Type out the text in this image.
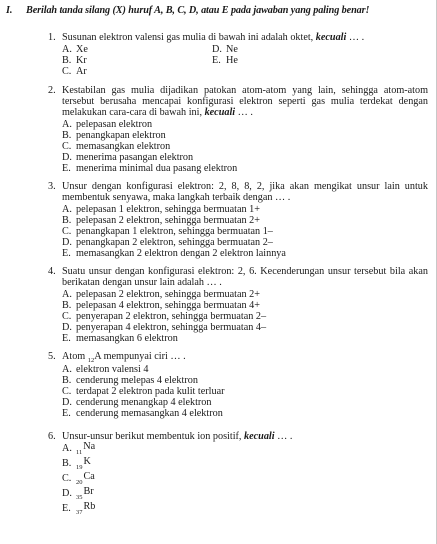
I. Berilah tanda silang (X) huruf A, B, C, D, atau E pada jawaban yang paling benar!
1. Susunan elektron valensi gas mulia di bawah ini adalah oktet, kecuali … .
A. Xe	D. Ne
B. Kr	E. He
C. Ar
2. Kestabilan gas mulia dijadikan patokan atom-atom yang lain, sehingga atom-atom tersebut berusaha mencapai konfigurasi elektron seperti gas mulia terdekat dengan melakukan cara-cara di bawah ini, kecuali … .
A. pelepasan elektron
B. penangkapan elektron
C. memasangkan elektron
D. menerima pasangan elektron
E. menerima minimal dua pasang elektron
3. Unsur dengan konfigurasi elektron: 2, 8, 8, 2, jika akan mengikat unsur lain untuk membentuk senyawa, maka langkah terbaik dengan … .
A. pelepasan 1 elektron, sehingga bermuatan 1+
B. pelepasan 2 elektron, sehingga bermuatan 2+
C. penangkapan 1 elektron, sehingga bermuatan 1–
D. penangkapan 2 elektron, sehingga bermuatan 2–
E. memasangkan 2 elektron dengan 2 elektron lainnya
4. Suatu unsur dengan konfigurasi elektron: 2, 6. Kecenderungan unsur tersebut bila akan berikatan dengan unsur lain adalah … .
A. pelepasan 2 elektron, sehingga bermuatan 2+
B. pelepasan 4 elektron, sehingga bermuatan 4+
C. penyerapan 2 elektron, sehingga bermuatan 2–
D. penyerapan 4 elektron, sehingga bermuatan 4–
E. memasangkan 6 elektron
5. Atom $_{12}$A mempunyai ciri … .
A. elektron valensi 4
B. cenderung melepas 4 elektron
C. terdapat 2 elektron pada kulit terluar
D. cenderung menangkap 4 elektron
E. cenderung memasangkan 4 elektron
6. Unsur-unsur berikut membentuk ion positif, kecuali … .
A. $_{11}$Na
B. $_{19}$K
C. $_{20}$Ca
D. $_{35}$Br
E. $_{37}$Rb
